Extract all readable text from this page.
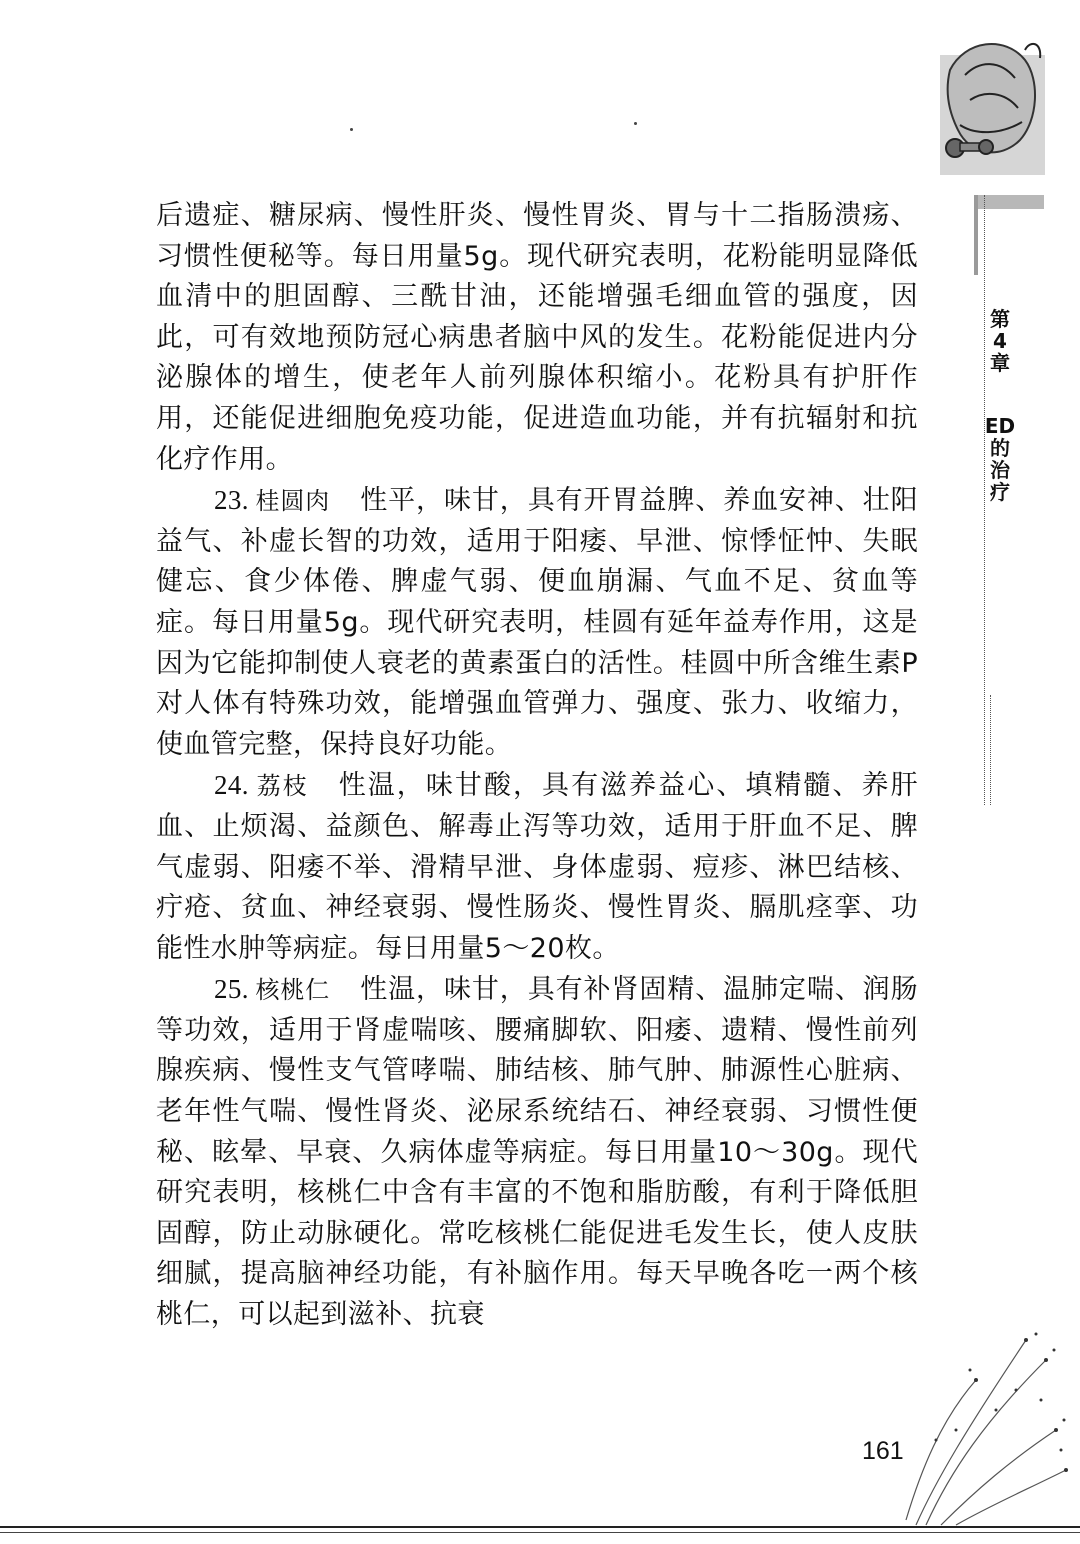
后遗症、糖尿病、慢性肝炎、慢性胃炎、胃与十二指肠溃疡、习惯性便秘等。每日用量5g。现代研究表明，花粉能明显降低血清中的胆固醇、三酰甘油，还能增强毛细血管的强度，因此，可有效地预防冠心病患者脑中风的发生。花粉能促进内分泌腺体的增生，使老年人前列腺体积缩小。花粉具有护肝作用，还能促进细胞免疫功能，促进造血功能，并有抗辐射和抗化疗作用。

23. 桂圆肉 性平，味甘，具有开胃益脾、养血安神、壮阳益气、补虚长智的功效，适用于阳痿、早泄、惊悸怔忡、失眠健忘、食少体倦、脾虚气弱、便血崩漏、气血不足、贫血等症。每日用量5g。现代研究表明，桂圆有延年益寿作用，这是因为它能抑制使人衰老的黄素蛋白的活性。桂圆中所含维生素P对人体有特殊功效，能增强血管弹力、强度、张力、收缩力，使血管完整，保持良好功能。

24. 荔枝 性温，味甘酸，具有滋养益心、填精髓、养肝血、止烦渴、益颜色、解毒止泻等功效，适用于肝血不足、脾气虚弱、阳痿不举、滑精早泄、身体虚弱、痘疹、淋巴结核、疔疮、贫血、神经衰弱、慢性肠炎、慢性胃炎、膈肌痉挛、功能性水肿等病症。每日用量5～20枚。

25. 核桃仁 性温，味甘，具有补肾固精、温肺定喘、润肠等功效，适用于肾虚喘咳、腰痛脚软、阳痿、遗精、慢性前列腺疾病、慢性支气管哮喘、肺结核、肺气肿、肺源性心脏病、老年性气喘、慢性肾炎、泌尿系统结石、神经衰弱、习惯性便秘、眩晕、早衰、久病体虚等病症。每日用量10～30g。现代研究表明，核桃仁中含有丰富的不饱和脂肪酸，有利于降低胆固醇，防止动脉硬化。常吃核桃仁能促进毛发生长，使人皮肤细腻，提高脑神经功能，有补脑作用。每天早晚各吃一两个核桃仁，可以起到滋补、抗衰

第
4
章
ED
的
治
疗
161
